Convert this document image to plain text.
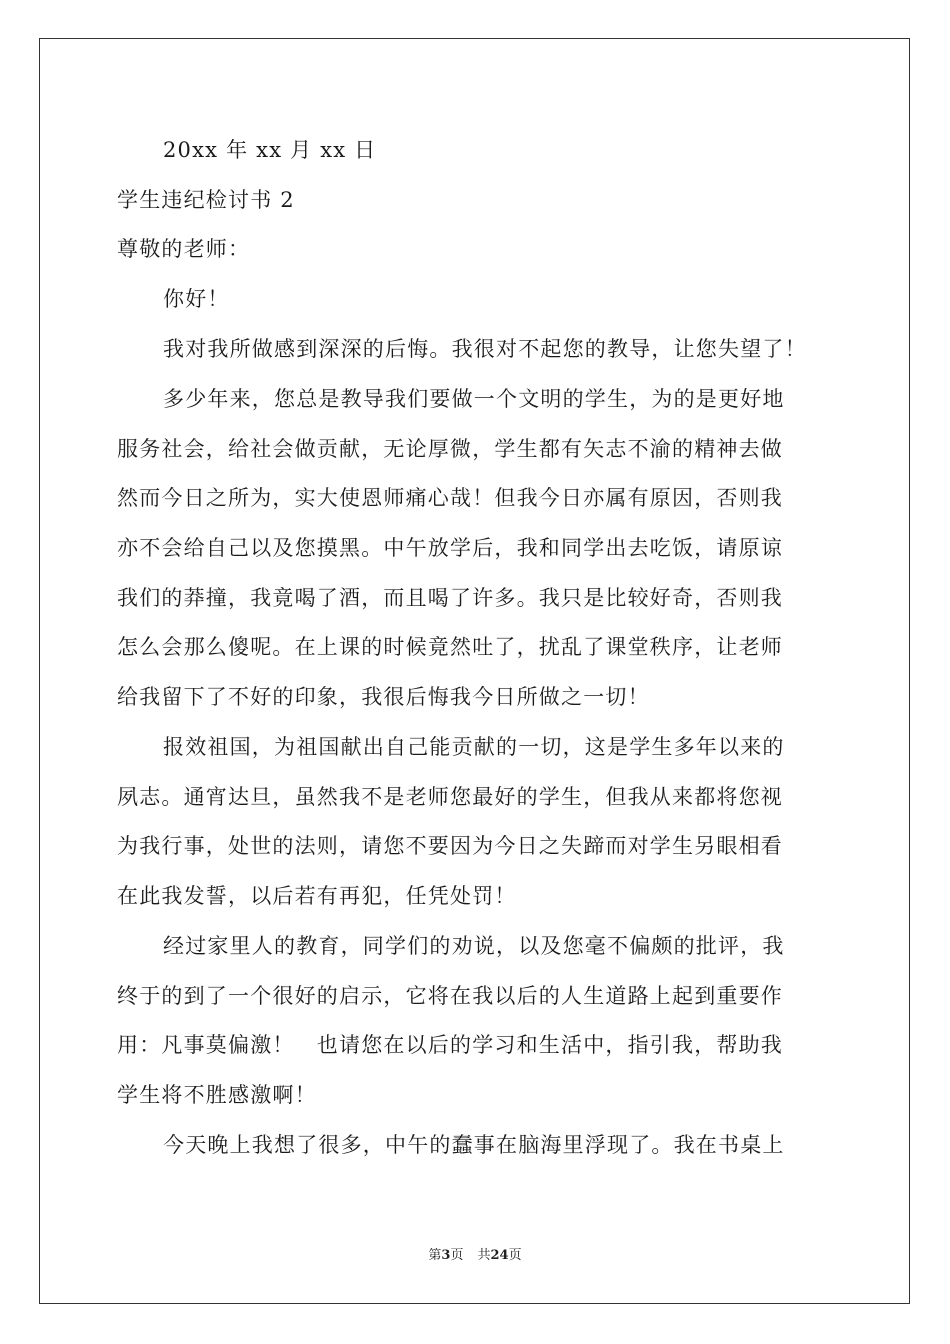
20xx 年 xx 月 xx 日
学生违纪检讨书 2
尊敬的老师：
你好！
我对我所做感到深深的后悔。我很对不起您的教导，让您失望了！
多少年来，您总是教导我们要做一个文明的学生，为的是更好地
服务社会，给社会做贡献，无论厚微，学生都有矢志不渝的精神去做
然而今日之所为，实大使恩师痛心哉！但我今日亦属有原因，否则我
亦不会给自己以及您摸黑。中午放学后，我和同学出去吃饭，请原谅
我们的莽撞，我竟喝了酒，而且喝了许多。我只是比较好奇，否则我
怎么会那么傻呢。在上课的时候竟然吐了，扰乱了课堂秩序，让老师
给我留下了不好的印象，我很后悔我今日所做之一切！
报效祖国，为祖国献出自己能贡献的一切，这是学生多年以来的
夙志。通宵达旦，虽然我不是老师您最好的学生，但我从来都将您视
为我行事，处世的法则，请您不要因为今日之失蹄而对学生另眼相看
在此我发誓，以后若有再犯，任凭处罚！
经过家里人的教育，同学们的劝说，以及您毫不偏颇的批评，我
终于的到了一个很好的启示，它将在我以后的人生道路上起到重要作
用：凡事莫偏激！　也请您在以后的学习和生活中，指引我，帮助我
学生将不胜感激啊！
今天晚上我想了很多，中午的蠢事在脑海里浮现了。我在书桌上
第3页 共24页
